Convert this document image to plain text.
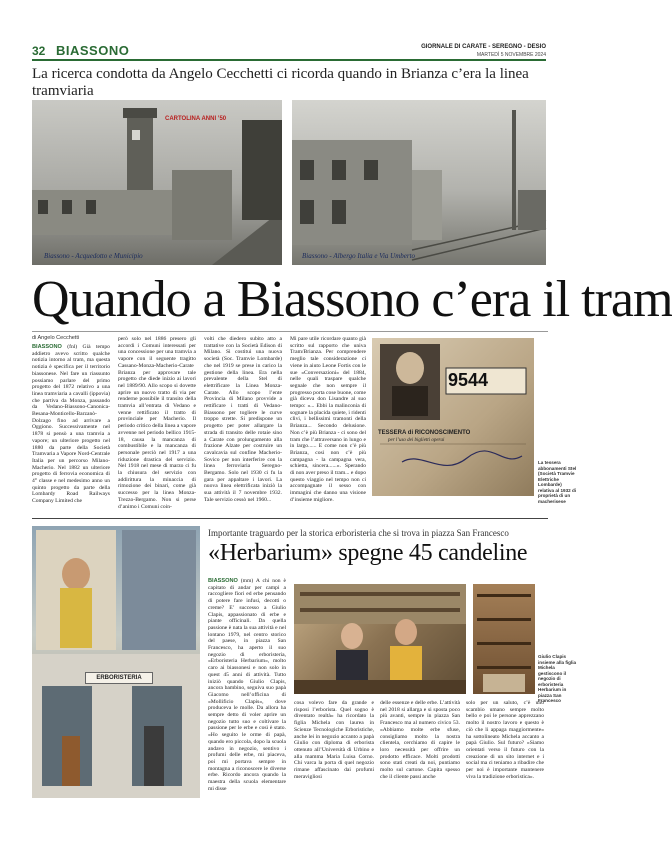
32 BIASSONO	GIORNALE DI CARATE - SEREGNO - DESIO
MARTEDÌ 5 NOVEMBRE 2024
La ricerca condotta da Angelo Cecchetti ci ricorda quando in Brianza c’era la linea tramviaria
CARTOLINA ANNI ’50
Biassono - Acquedotto e Municipio	Biassono - Albergo Italia e Via Umberto
Quando a Biassono c’era il tram
di Angelo Cecchetti

BIASSONO (fnl) Già tempo addietro avevo scritto qualche notizia intorno al tram, ma questa notizia è specifica per il territorio biassonese. Nel fare un riassunto possiamo parlare del primo progetto del 1872 relativo a una linea tramviaria a cavalli (ippovia) che partiva da Monza, passando da Vedano-Biassono-Canonica-Besana-Monticello-Barzanò-Dolzago fino ad arrivare a Oggiono. Successivamente nel 1878 si pensò a una tramvia a vapore; un ulteriore progetto nel 1880 da parte della Società Tramvaria a Vapore Nord-Centrale Italia per un percorso Milano-Macherio. Nel 1882 un ulteriore progetto di ferrovia economica di 4° classe e nel medesimo anno un quinto progetto da parte della Lombardy Road Railways Company Limited che

però solo nel 1886 presero gli accordi i Comuni interessati per una concessione per una tramvia a vapore con il seguente tragitto Cassano-Monza-Macherio-Carate Brianza per approvare tale progetto che diede inizio ai lavori nel 1889/90. Allo scopo si dovette aprire un nuovo tratto di via per renderne possibile il transito della tramvia all’entrata di Vedano e venne rettificato il tratto di provinciale per Macherio. Il periodo critico della linea a vapore avvenne nel periodo bellico 1915-18, causa la mancanza di combustibile e la mancanza di personale perciò nel 1917 a una riduzione drastica del servizio. Nel 1918 nel mese di marzo ci fu la chiusura del servizio con addirittura la minaccia di rimozione dei binari, come già successo per la linea Monza-Trezzo-Bergamo. Non si perse d’animo i Comuni coin-

volti che diedero subito atto a trattative con la Società Edison di Milano. Si costituì una nuova società (Soc. Tramvie Lombarde) che nel 1919 se prese in carico la gestione della linea. Era nella prevalente della Stel di elettrificare la Linea Monza-Carate. Allo scopo l’ente Provincia di Milano provvide a rettificare i tratti di Vedano-Biassono per togliere le curve troppo strette. Si predispone un progetto per poter allargare la strada di transito delle rotaie sino a Carate con prolungamento alla frazione Alzate per costruire un cavalcavia sul confine Macherio-Sovico per non interferire con la linea ferroviaria Seregno-Bergamo. Solo nel 1930 ci fu la gara per appaltare i lavori. La nuova linea elettrificata iniziò la sua attività il 7 novembre 1932. Tale servizio cessò nel 1960...

Mi pare utile ricordare quanto già scritto sul rapporto che univa Tram/Brianza. Per comprendere meglio tale considerazione ci viene in aiuto Leone Fortis con le sue «Conversazioni» del 1884, nelle quali traspare qualche segnale che non sempre il progresso porta cose buone, come già diceva don Lisandre al suo tempo: «... Ebbi la malinconia di sognare la placida quiete, i ridenti clivi, i bellissimi tramonti della Brianza... Secondo delusione. Non c’è più Brianza - ci sono del tram che l’attraversano in lungo e in largo...... E come non c’è più Brianza, così non c’è più campagna - la campagna vera, schietta, sincera......». Sperando di non aver preso il tram... e dopo questo viaggio nel tempo non ci accompagnate il sesso con immagini che danno una visione d’insieme migliore.

9544
TESSERA di RICONOSCIMENTO
per l’uso dei biglietti operai
La tessera abbonamenti Stel (Società Tramvie Elettriche Lombarde) relativa al 1932 di proprietà di un macherisese
ERBORISTERIA
Importante traguardo per la storica erboristeria che si trova in piazza San Francesco
«Herbarium» spegne 45 candeline

BIASSONO (mm) A chi non è capitato di andar per campi a raccogliere fiori ed erbe pensando di potere fare infusi, decotti o creme? E’ successo a Giulio Clapis, appassionato di erbe e piante officinali. Da quella passione è nata la sua attività e nel lontano 1979, nel centro storico del paese, in piazza San Francesco, ha aperto il suo negozio di erboristeria, «Erboristeria Herbarium», molto caro ai biassonesi e non solo in quest 45 anni di attività. Tutto iniziò quando Giulio Clapis, ancora bambino, seguiva suo papà Giacomo nell’officina di «Mollificio Clapis», dove produceva le molle. Da allora ha sempre detto di voler aprire un negozio tutto suo e coltivare la passione per le erbe e così è stato. «Ho seguito le orme di papà, quando ero piccola, dopo la scuola andavo in negozio, sentivo i profumi delle erbe, mi piaceva, poi mi portava sempre in montagna a riconoscere le diverse erbe. Ricordo ancora quando la maestra della scuola elementare mi disse

Giulio Clapis insieme alla figlia Michela gestiscono il negozio di erboristeria Herbarium in piazza San Francesco

cosa volevo fare da grande e risposi l’erborista. Quel sogno è diventato realtà» ha ricordato la figlia Michela con laurea in Scienze Tecnologiche Erboristiche, anche lei in negozio accanto a papà Giulio con diploma di erborista ottenuto all’Università di Urbino e alla mamma Maria Luisa Corno. Chi varca la porta di quel negozio rimane affascinato dai profumi meravigliosi

delle essenze e delle erbe. L’attività nel 2018 si allarga e si sposta poco più avanti, sempre in piazza San Francesco ma al numero civico 53. «Abbiamo molte erbe sfuse, consigliamo molto la nostra clientela, cerchiamo di capire le loro necessità per offrire un prodotto efficace. Molti prodotti sono stati creati da noi, puntiamo molto sul cartone. Capita spesso che il cliente passi anche

solo per un saluto, c’è uno scambio umano sempre molto bello e poi le persone apprezzano molto il nostro lavoro e questo è ciò che li appaga maggiormente» ha sottolineato Michela accanto a papà Giulio. Sul futuro? «Siamo orientati verso il futuro con la creazione di un sito internet e i social ma ci teniamo a ribadire che per noi è importante mantenere viva la tradizione erboristica».
